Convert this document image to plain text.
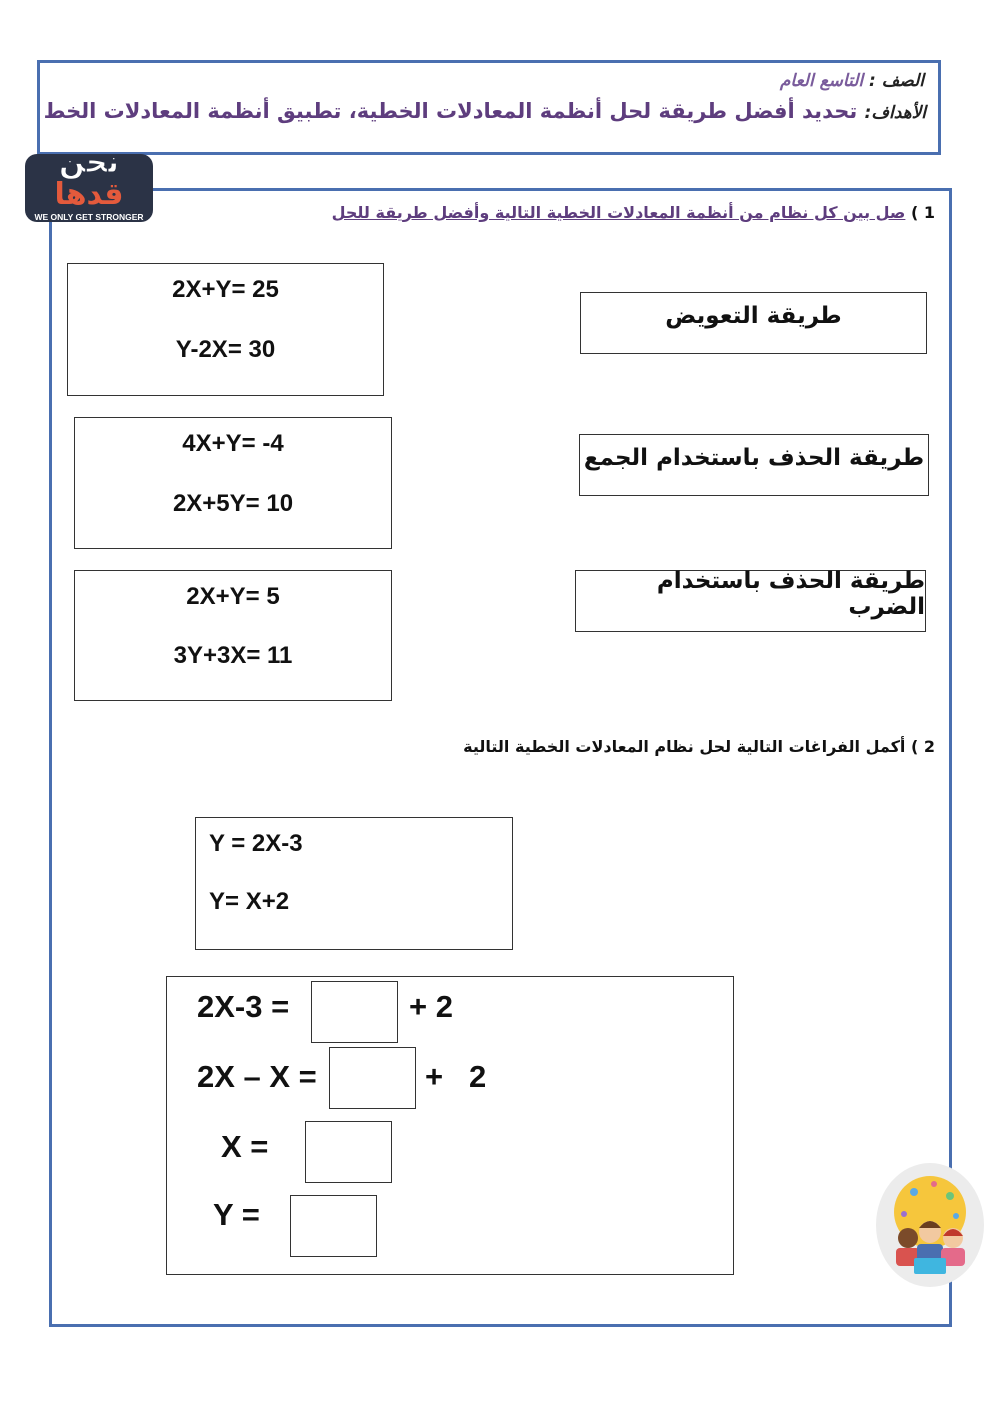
الصف : التاسع العام
الأهداف: تحديد أفضل طريقة لحل أنظمة المعادلات الخطية، تطبيق أنظمة المعادلات الخط
نحن
قدها
WE ONLY GET STRONGER	1 ) صل بين كل نظام من أنظمة المعادلات الخطية التالية وأفضل طريقة للحل
2X+Y= 25
Y-2X= 30
4X+Y= -4
2X+5Y= 10
2X+Y= 5
3Y+3X= 11
طريقة التعويض
طريقة الحذف باستخدام الجمع
طريقة الحذف باستخدام الضرب
2 ) أكمل الفراغات التالية لحل نظام المعادلات الخطية التالية
Y = 2X-3
Y= X+2
2X-3 =	+ 2
2X – X =	+   2
X =
Y =
